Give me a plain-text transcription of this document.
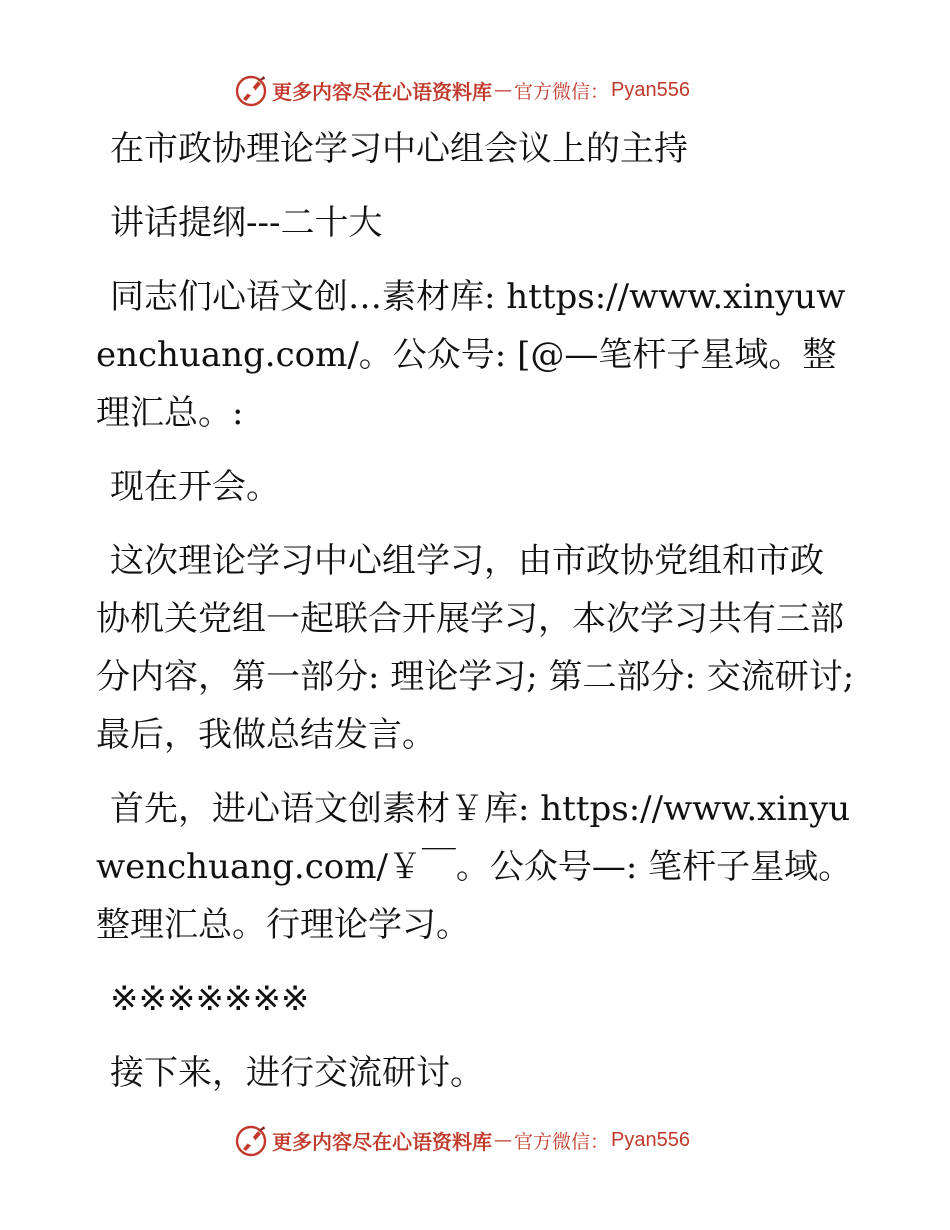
更多内容尽在心语资料库 — 官方微信： Pyan556

在市政协理论学习中心组会议上的主持

讲话提纲---二十大

同志们心语文创…素材库: https://www.xinyuwenchuang.com/。公众号: [@—笔杆子星域。整理汇总。:

现在开会。

这次理论学习中心组学习，由市政协党组和市政协机关党组一起联合开展学习，本次学习共有三部分内容，第一部分: 理论学习; 第二部分: 交流研讨; 最后，我做总结发言。

首先，进心语文创素材￥库: https://www.xinyuwenchuang.com/￥￣。公众号—: 笔杆子星域。整理汇总。行理论学习。

※※※※※※※

接下来，进行交流研讨。

更多内容尽在心语资料库 — 官方微信： Pyan556
